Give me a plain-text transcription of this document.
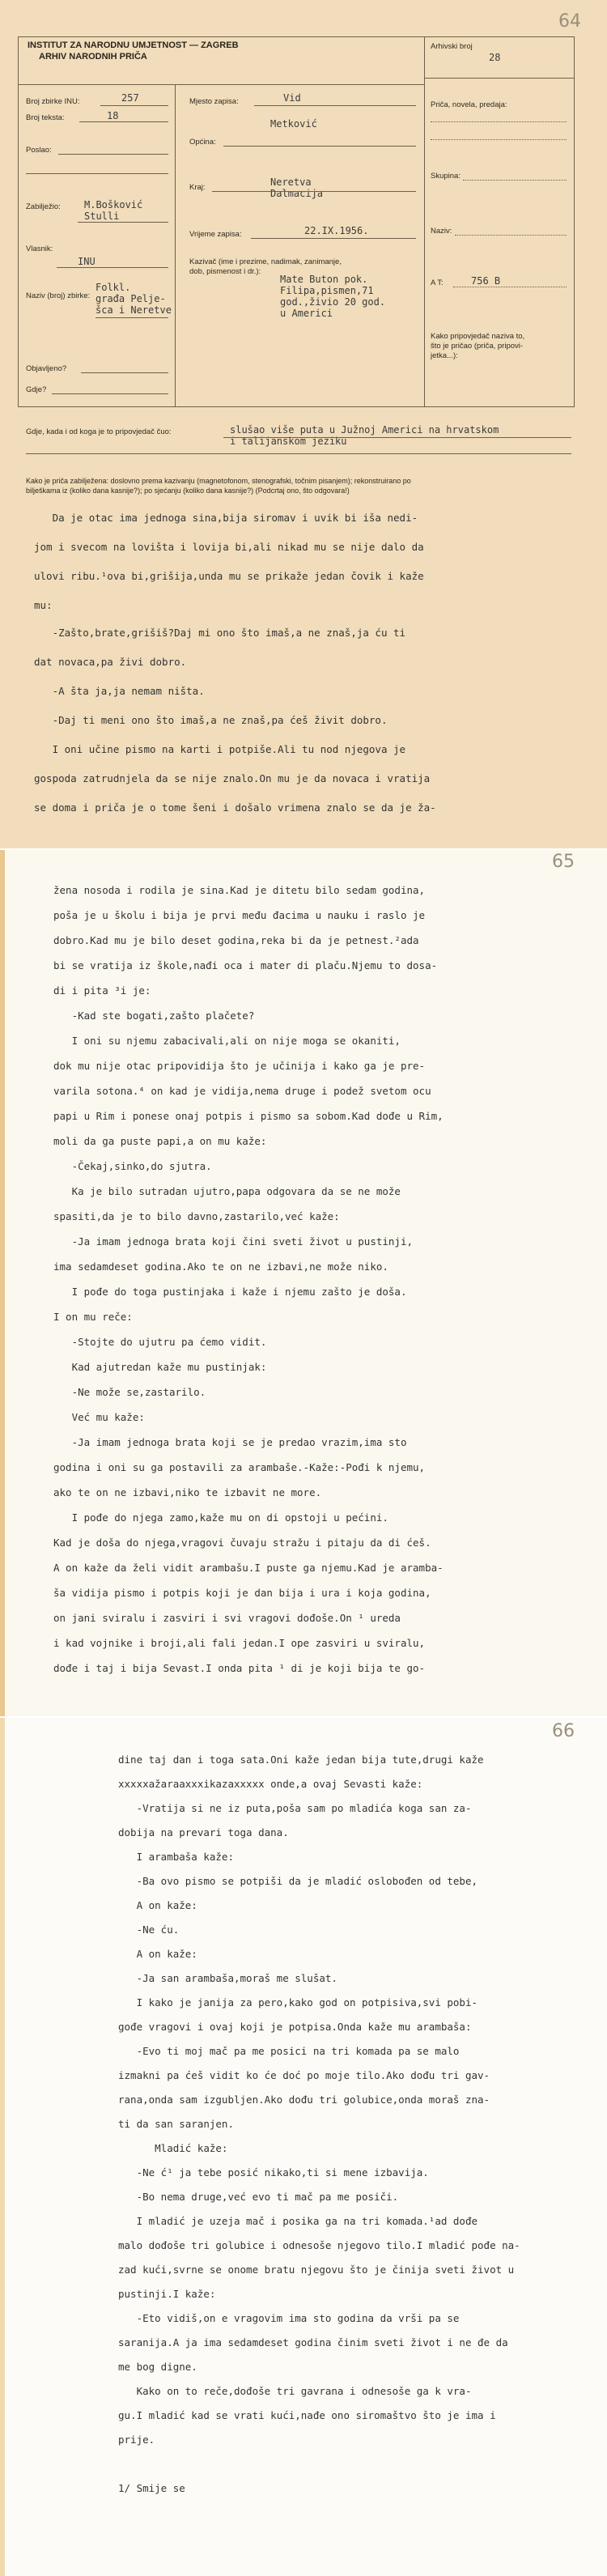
64
INSTITUT ZA NARODNU UMJETNOST — ZAGREB
ARHIV NARODNIH PRIČA
Arhivski broj
28
Broj zbirke INU:	257
Broj teksta:	18
Poslao:
Zabilježio: M.Bošković
Stulli
Vlasnik:
INU
Naziv (broj) zbirke:
Folkl.
građa Pelje-
šca i Neretve
Objavljeno?
Gdje?
Mjesto zapisa:	Vid
Općina:
Metković
Kraj:	Neretva
Dalmacija
Vrijeme zapisa:	22.IX.1956.
Kazivač (ime i prezime, nadimak, zanimanje,
dob, pismenost i dr.):
Mate Buton pok.
Filipa,pismen,71
god.,živio 20 god.
u Americi
Priča, novela, predaja:
Skupina:
Naziv:
A T:	756 B
Kako pripovjedač naziva to,
što je pričao (priča, pripovi-
jetka...):
Gdje, kada i od koga je to pripovjedač čuo:	slušao više puta u Južnoj Americi na hrvatskom
i talijanskom jeziku
Kako je priča zabilježena: doslovno prema kazivanju (magnetofonom, stenografski, točnim pisanjem); rekonstruirano po
bilješkama iz (koliko dana kasnije?); po sjećanju (koliko dana kasnije?) (Podcrtaj ono, što odgovara!)
Da je otac ima jednoga sina,bija siromav i uvik bi iša nedi-
jom i svecom na lovišta i lovija bi,ali nikad mu se nije dalo da
ulovi ribu.¹ova bi,grišija,unda mu se prikaže jedan čovik i kaže
mu:
-Zašto,brate,grišiš?Daj mi ono što imaš,a ne znaš,ja ću ti
dat novaca,pa živi dobro.
-A šta ja,ja nemam ništa.
-Daj ti meni ono što imaš,a ne znaš,pa ćeš živit dobro.
I oni učine pismo na karti i potpiše.Ali tu nod njegova je
gospoda zatrudnjela da se nije znalo.On mu je da novaca i vratija
se doma i priča je o tome šeni i došalo vrimena znalo se da je ža-
65
žena nosoda i rodila je sina.Kad je ditetu bilo sedam godina,
poša je u školu i bija je prvi među đacima u nauku i raslo je
dobro.Kad mu je bilo deset godina,reka bi da je petnest.²ada
bi se vratija iz škole,nađi oca i mater di plaču.Njemu to dosa-
di i pita ³i je:
-Kad ste bogati,zašto plačete?
I oni su njemu zabacivali,ali on nije moga se okaniti,
dok mu nije otac pripovidija što je učinija i kako ga je pre-
varila sotona.⁴ on kad je vidija,nema druge i podež svetom ocu
papi u Rim i ponese onaj potpis i pismo sa sobom.Kad dođe u Rim,
moli da ga puste papi,a on mu kaže:
-Čekaj,sinko,do sjutra.
Ka je bilo sutradan ujutro,papa odgovara da se ne može
spasiti,da je to bilo davno,zastarilo,već kaže:
-Ja imam jednoga brata koji čini sveti život u pustinji,
ima sedamdeset godina.Ako te on ne izbavi,ne može niko.
I pođe do toga pustinjaka i kaže i njemu zašto je došа.
I on mu reče:
-Stojte do ujutru pa ćemo vidit.
Kad ajutredan kaže mu pustinjak:
-Ne može se,zastarilo.
Već mu kaže:
-Ja imam jednoga brata koji se je predao vrazim,ima sto
godina i oni su ga postavili za arambaše.-Kaže:-Pođi k njemu,
ako te on ne izbavi,niko te izbavit ne more.
I pođe do njega zamo,kaže mu on di opstoji u pećini.
Kad je doša do njega,vragovi čuvaju stražu i pitaju da di ćeš.
A on kaže da želi vidit arambašu.I puste ga njemu.Kad je aramba-
ša vidija pismo i potpis koji je dan bija i ura i koja godina,
on jani svirаlu i zasviri i svi vragovi dođoše.On ¹ ureda
i kad vojnike i broji,ali fali jedan.I ope zasviri u svirаlu,
dođe i taj i bija Sevast.I onda pita ¹ di je koji bija te go-
66
dine taj dan i toga sata.Oni kaže jedan bija tute,drugi kaže
xxxxxažaraaxxxikazaxxxxx onde,a ovaj Sevasti kaže:
-Vratija si ne iz puta,poša sam po mladića koga san za-
dobija na prevari toga dana.
I arambaša kaže:
-Ba ovo pismo se potpiši da je mladić oslobođen od tebe,
A on kaže:
-Ne ću.
A on kaže:
-Ja san arambaša,moraš me slušat.
I kako je janija za pero,kako god on potpisiva,svi pobi-
gođe vragovi i ovaj koji je potpisa.Onda kaže mu arambaša:
-Evo ti moj mač pa me posici na tri komada pa se malo
izmakni pa ćeš vidit ko će doć po moje tilo.Ako dođu tri gav-
rana,onda sam izgubljen.Ako dođu tri golubice,onda moraš zna-
ti da san saranjen.
Mladić kaže:
-Ne ć¹ ja tebe posić nikako,ti si mene izbavija.
-Bo nema druge,već evo ti mač pa me posiči.
I mladić je uzeja mač i posika ga na tri komada.¹ad dođe
malo dođoše tri golubice i odnesoše njegovo tilo.I mladić pođe na-
zad kući,svrne se onome bratu njegovu što je činija sveti život u
pustinji.I kaže:
-Eto vidiš,on e vragovim ima sto godina da vrši pa se
saranija.A ja ima sedamdeset godina činim sveti život i ne đe da
me bog digne.
Kako on to reče,dođoše tri gavrana i odnesoše ga k vra-
gu.I mladić kad se vrati kući,nađe ono siromaštvo što je ima i
prije.
1/ Smije se
